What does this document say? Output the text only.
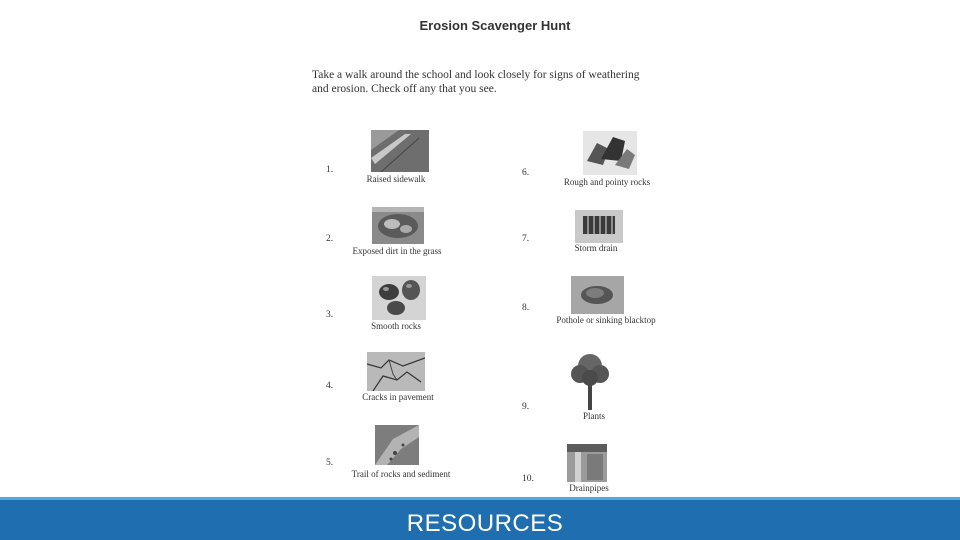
Erosion Scavenger Hunt
Take a walk around the school and look closely for signs of weathering and erosion. Check off any that you see.
1.
Raised sidewalk
2.
Exposed dirt in the grass
3.
Smooth rocks
4.
Cracks in pavement
5.
Trail of rocks and sediment
6.
Rough and pointy rocks
7.
Storm drain
8.
Pothole or sinking blacktop
9.
Plants
10.
Drainpipes
RESOURCES
